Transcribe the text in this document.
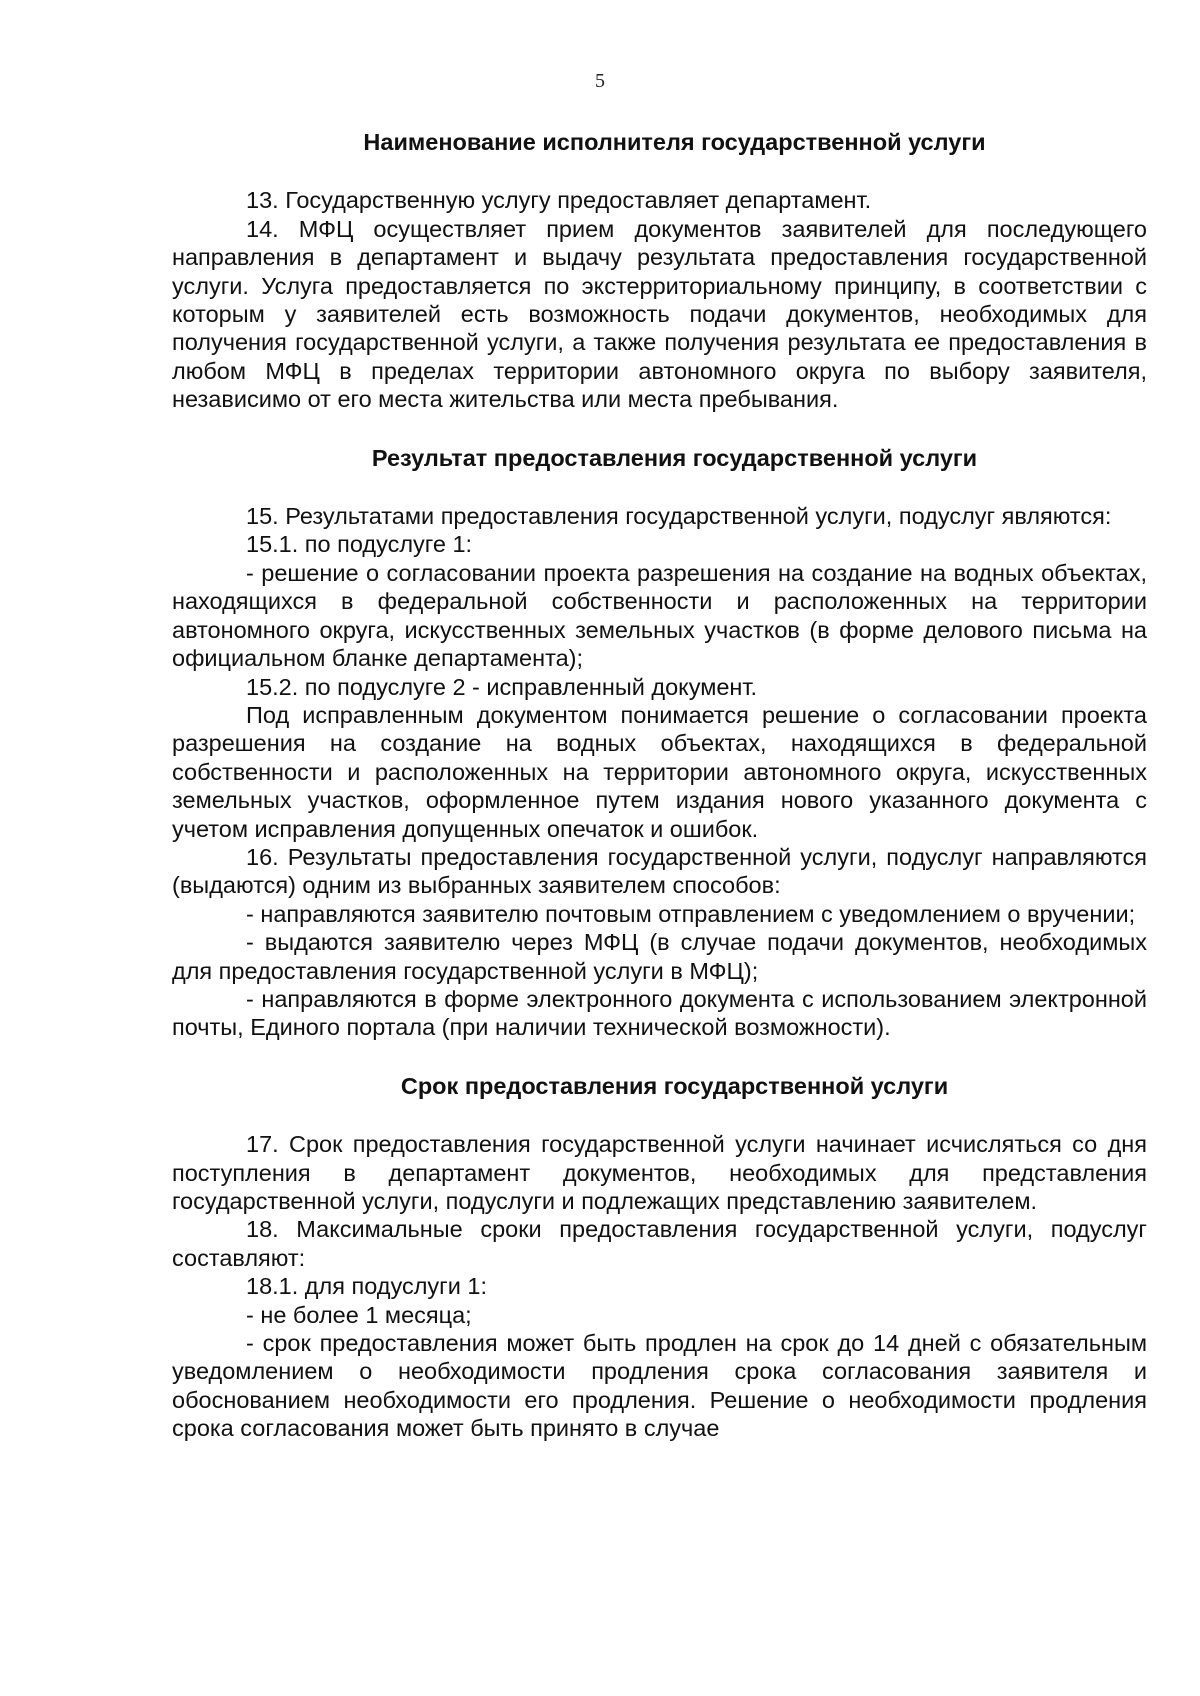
5
Наименование исполнителя государственной услуги

13. Государственную услугу предоставляет департамент.

14. МФЦ осуществляет прием документов заявителей для последующего направления в департамент и выдачу результата предоставления государственной услуги. Услуга предоставляется по экстерриториальному принципу, в соответствии с которым у заявителей есть возможность подачи документов, необходимых для получения государственной услуги, а также получения результата ее предоставления в любом МФЦ в пределах территории автономного округа по выбору заявителя, независимо от его места жительства или места пребывания.

Результат предоставления государственной услуги

15. Результатами предоставления государственной услуги, подуслуг являются:

15.1. по подуслуге 1:

- решение о согласовании проекта разрешения на создание на водных объектах, находящихся в федеральной собственности и расположенных на территории автономного округа, искусственных земельных участков (в форме делового письма на официальном бланке департамента);

15.2. по подуслуге 2 - исправленный документ.

Под исправленным документом понимается решение о согласовании проекта разрешения на создание на водных объектах, находящихся в федеральной собственности и расположенных на территории автономного округа, искусственных земельных участков, оформленное путем издания нового указанного документа с учетом исправления допущенных опечаток и ошибок.

16. Результаты предоставления государственной услуги, подуслуг направляются (выдаются) одним из выбранных заявителем способов:

- направляются заявителю почтовым отправлением с уведомлением о вручении;

- выдаются заявителю через МФЦ (в случае подачи документов, необходимых для предоставления государственной услуги в МФЦ);

- направляются в форме электронного документа с использованием электронной почты, Единого портала (при наличии технической возможности).

Срок предоставления государственной услуги

17. Срок предоставления государственной услуги начинает исчисляться со дня поступления в департамент документов, необходимых для представления государственной услуги, подуслуги и подлежащих представлению заявителем.

18. Максимальные сроки предоставления государственной услуги, подуслуг составляют:

18.1. для подуслуги 1:

- не более 1 месяца;

- срок предоставления может быть продлен на срок до 14 дней с обязательным уведомлением о необходимости продления срока согласования заявителя и обоснованием необходимости его продления. Решение о необходимости продления срока согласования может быть принято в случае
